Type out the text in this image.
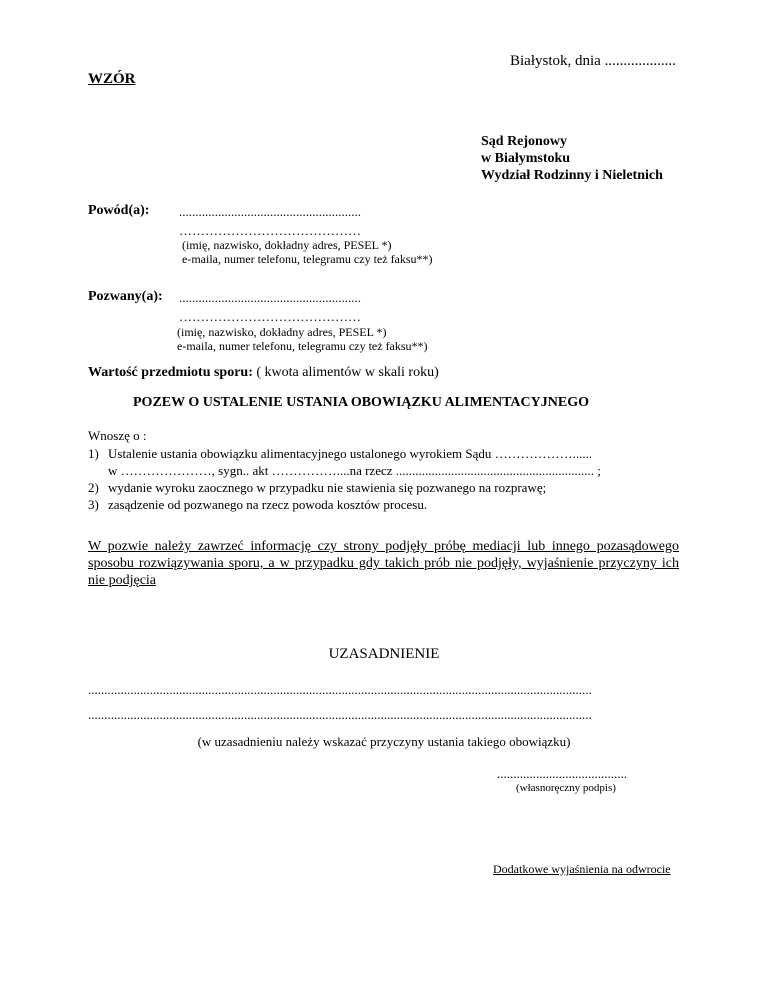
Białystok, dnia ...................
WZÓR
Sąd Rejonowy
w Białymstoku
Wydział Rodzinny i Nieletnich
Powód(a): ........................................................
……………………………………
(imię, nazwisko, dokładny adres, PESEL *)
e-maila, numer telefonu, telegramu czy też faksu**)
Pozwany(a): ........................................................
……………………………………
(imię, nazwisko, dokładny adres, PESEL *)
e-maila, numer telefonu, telegramu czy też faksu**)
Wartość przedmiotu sporu: ( kwota alimentów w skali roku)
POZEW O USTALENIE USTANIA OBOWIĄZKU ALIMENTACYJNEGO
Wnoszę o :
1) Ustalenie ustania obowiązku alimentacyjnego ustalonego wyrokiem Sądu ………………......
w …………………, sygn.. akt ……………....na rzecz ............................................................. ;
2) wydanie wyroku zaocznego w przypadku nie stawienia się pozwanego na rozprawę;
3) zasądzenie od pozwanego na rzecz powoda kosztów procesu.
W pozwie należy zawrzeć informację czy strony podjęły próbę mediacji lub innego pozasądowego sposobu rozwiązywania sporu, a w przypadku gdy takich prób nie podjęły, wyjaśnienie przyczyny ich nie podjęcia
UZASADNIENIE
...........................................................................................................................................................
...........................................................................................................................................................
(w uzasadnieniu należy wskazać przyczyny ustania takiego obowiązku)
........................................
(własnoręczny podpis)
Dodatkowe wyjaśnienia na odwrocie
